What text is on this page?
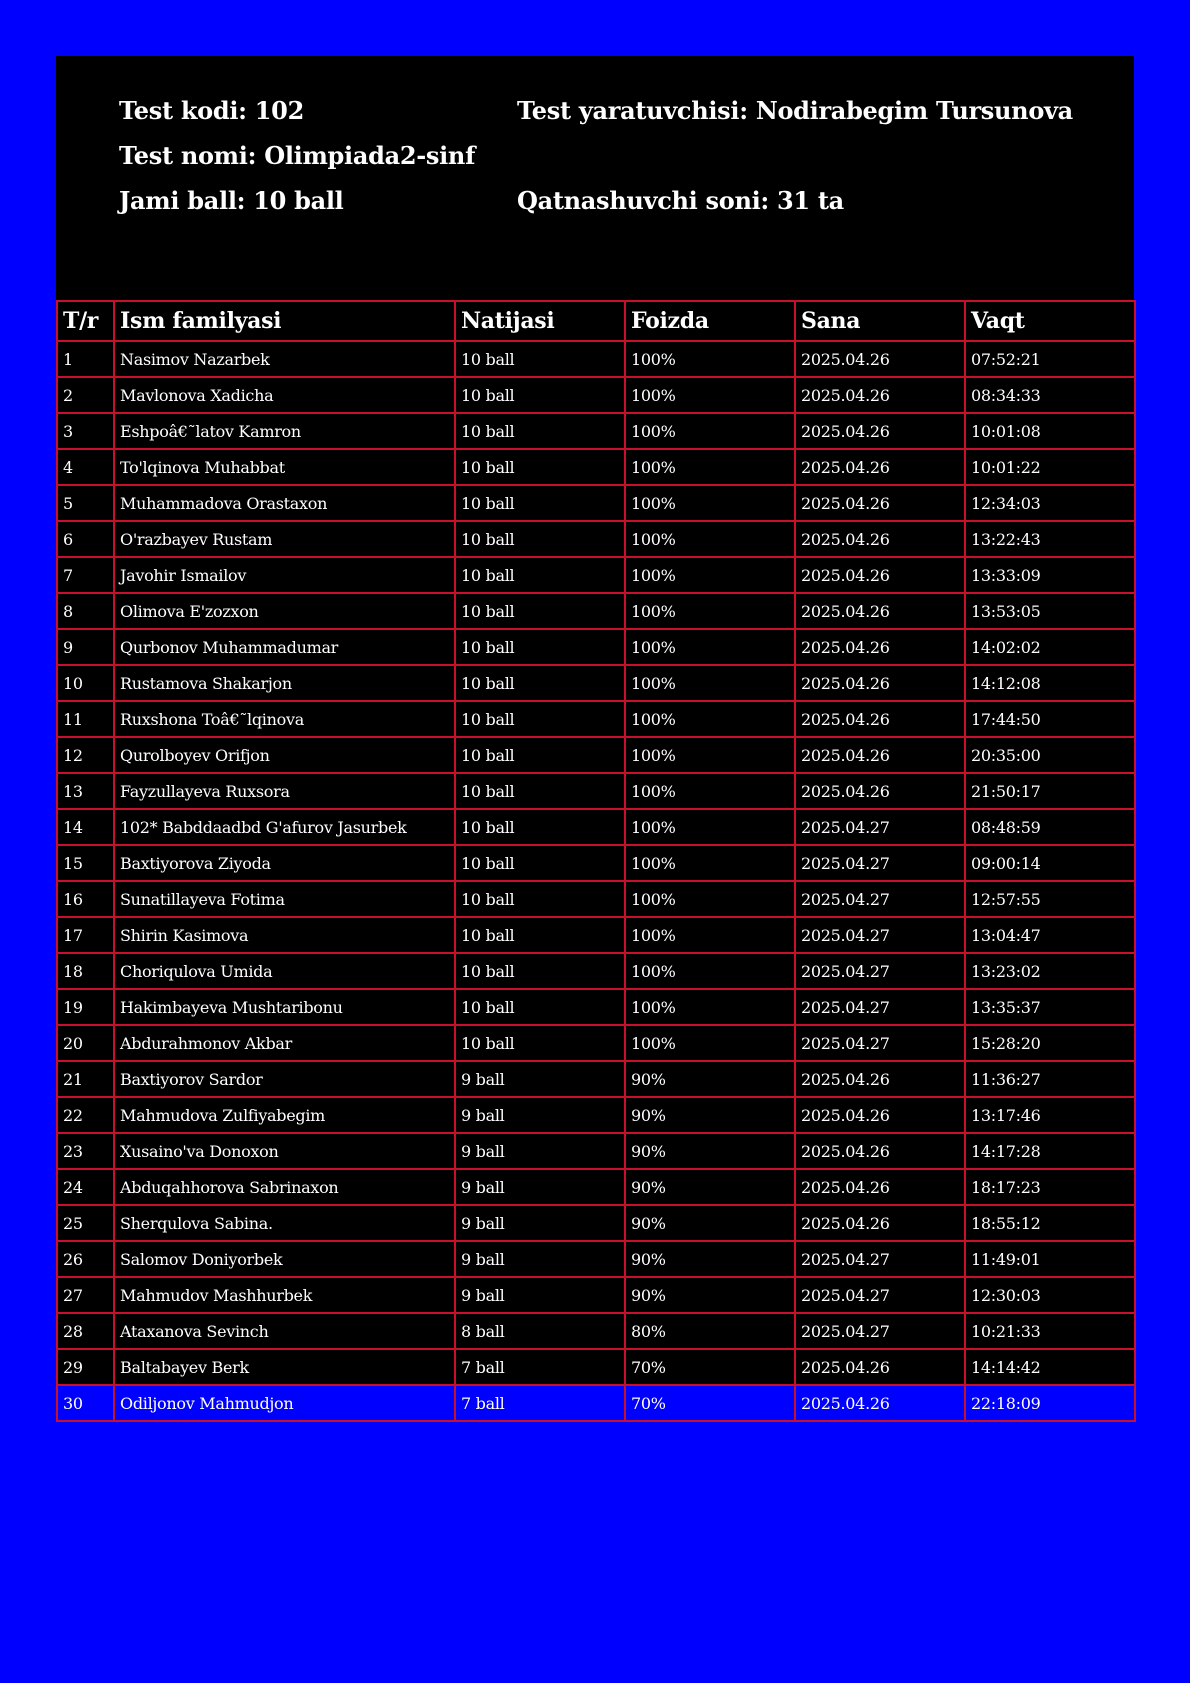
Test kodi: 102
Test nomi: Olimpiada2-sinf
Jami ball: 10 ball
Test yaratuvchisi: Nodirabegim Tursunova
Qatnashuvchi soni: 31 ta
T/r	Ism familyasi	Natijasi	Foizda	Sana	Vaqt
1	Nasimov Nazarbek	10 ball	100%	2025.04.26	07:52:21
2	Mavlonova Xadicha	10 ball	100%	2025.04.26	08:34:33
3	Eshpoâ€˜latov Kamron	10 ball	100%	2025.04.26	10:01:08
4	To'lqinova Muhabbat	10 ball	100%	2025.04.26	10:01:22
5	Muhammadova Orastaxon	10 ball	100%	2025.04.26	12:34:03
6	O'razbayev Rustam	10 ball	100%	2025.04.26	13:22:43
7	Javohir Ismailov	10 ball	100%	2025.04.26	13:33:09
8	Olimova E'zozxon	10 ball	100%	2025.04.26	13:53:05
9	Qurbonov Muhammadumar	10 ball	100%	2025.04.26	14:02:02
10	Rustamova Shakarjon	10 ball	100%	2025.04.26	14:12:08
11	Ruxshona Toâ€˜lqinova	10 ball	100%	2025.04.26	17:44:50
12	Qurolboyev Orifjon	10 ball	100%	2025.04.26	20:35:00
13	Fayzullayeva Ruxsora	10 ball	100%	2025.04.26	21:50:17
14	102* Babddaadbd G'afurov Jasurbek	10 ball	100%	2025.04.27	08:48:59
15	Baxtiyorova Ziyoda	10 ball	100%	2025.04.27	09:00:14
16	Sunatillayeva Fotima	10 ball	100%	2025.04.27	12:57:55
17	Shirin Kasimova	10 ball	100%	2025.04.27	13:04:47
18	Choriqulova Umida	10 ball	100%	2025.04.27	13:23:02
19	Hakimbayeva Mushtaribonu	10 ball	100%	2025.04.27	13:35:37
20	Abdurahmonov Akbar	10 ball	100%	2025.04.27	15:28:20
21	Baxtiyorov Sardor	9 ball	90%	2025.04.26	11:36:27
22	Mahmudova Zulfiyabegim	9 ball	90%	2025.04.26	13:17:46
23	Xusaino'va Donoxon	9 ball	90%	2025.04.26	14:17:28
24	Abduqahhorova Sabrinaxon	9 ball	90%	2025.04.26	18:17:23
25	Sherqulova Sabina.	9 ball	90%	2025.04.26	18:55:12
26	Salomov Doniyorbek	9 ball	90%	2025.04.27	11:49:01
27	Mahmudov Mashhurbek	9 ball	90%	2025.04.27	12:30:03
28	Ataxanova Sevinch	8 ball	80%	2025.04.27	10:21:33
29	Baltabayev Berk	7 ball	70%	2025.04.26	14:14:42
30	Odiljonov Mahmudjon	7 ball	70%	2025.04.26	22:18:09
